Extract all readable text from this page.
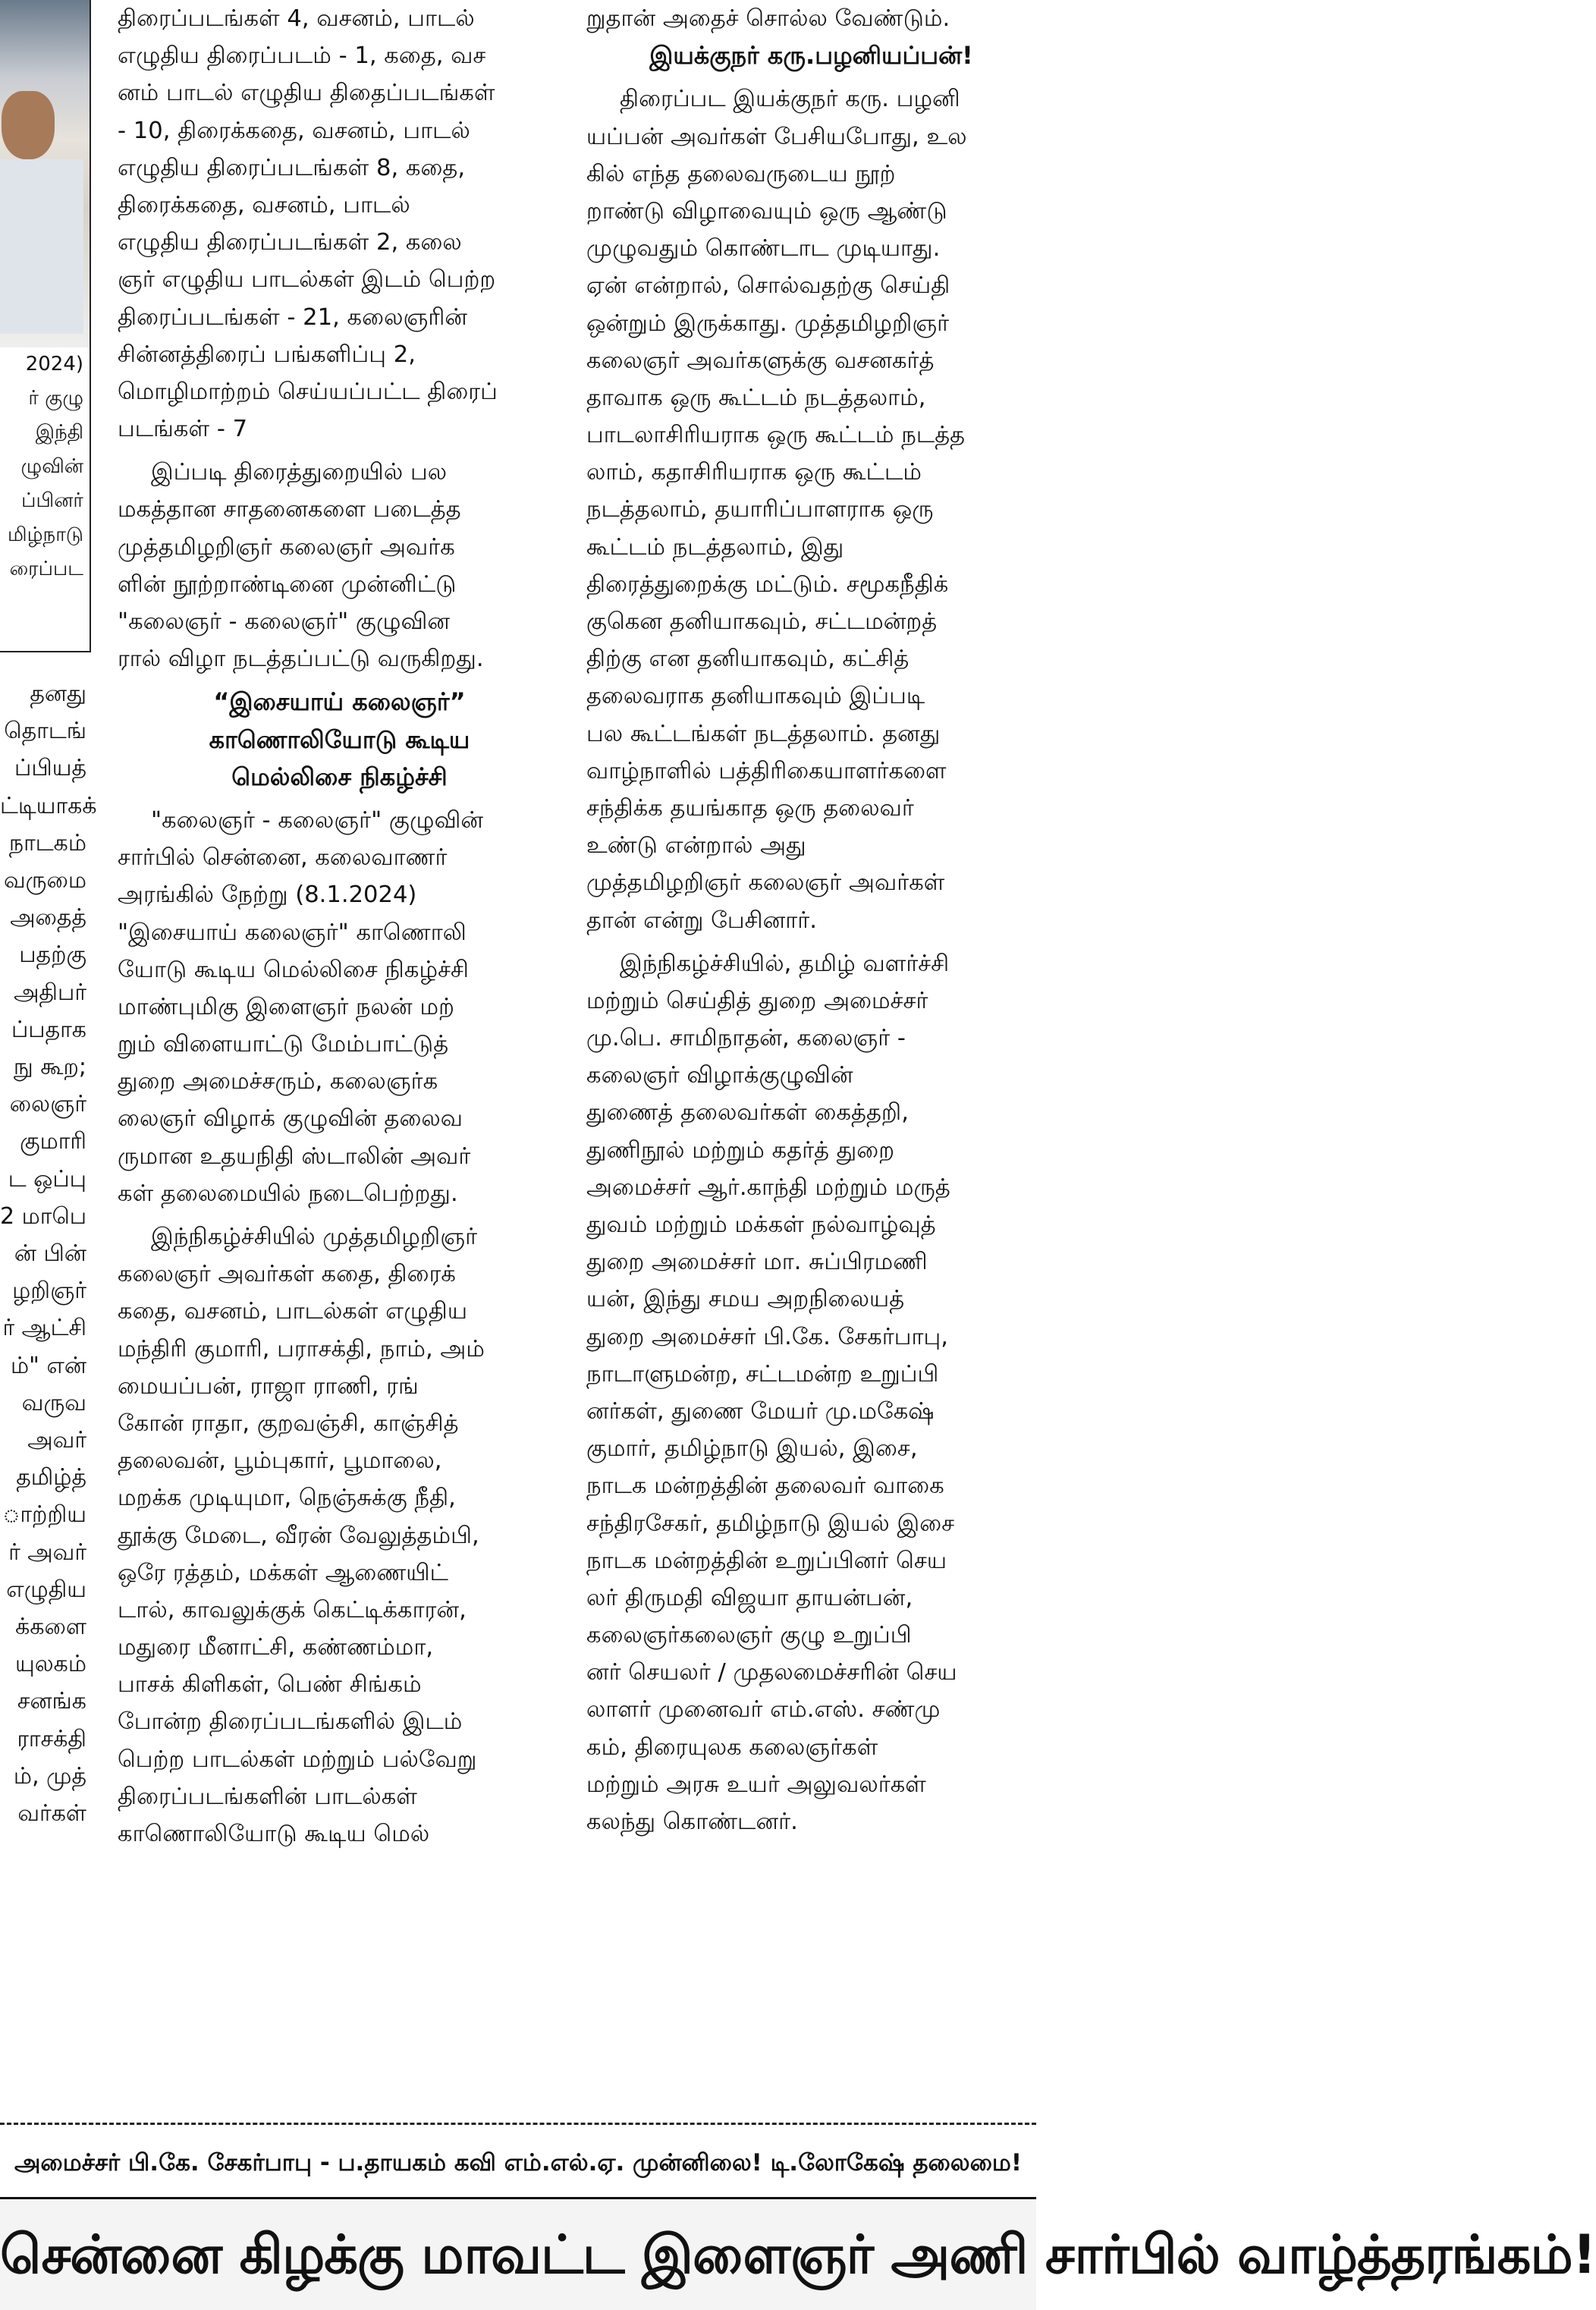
2024)
ர் குழு
இந்தி
ழுவின்
ப்பினர்
மிழ்நாடு
ரைப்பட
தனது
தொடங்
ப்பியத்
ட்டியாகக்
நாடகம்
வருமை
அதைத்
பதற்கு
அதிபர்
ப்பதாக
நு கூற;
லைஞர்
குமாரி
ட ஒப்பு
2 மாபெ
ன் பின்
ழறிஞர்
ர் ஆட்சி
ம்" என்
வருவ
அவர்
தமிழ்த்
ாற்றிய
ர் அவர்
எழுதிய
க்களை
யுலகம்
சனங்க
ராசக்தி
ம், முத்
வர்கள்
திரைப்படங்கள் 4, வசனம், பாடல்
எழுதிய திரைப்படம் - 1, கதை, வச
னம் பாடல் எழுதிய திதைப்படங்கள்
- 10, திரைக்கதை, வசனம், பாடல்
எழுதிய திரைப்படங்கள் 8, கதை,
திரைக்கதை, வசனம், பாடல்
எழுதிய திரைப்படங்கள் 2, கலை
ஞர் எழுதிய பாடல்கள் இடம் பெற்ற
திரைப்படங்கள் - 21, கலைஞரின்
சின்னத்திரைப் பங்களிப்பு 2,
மொழிமாற்றம் செய்யப்பட்ட திரைப்
படங்கள் - 7
இப்படி திரைத்துறையில் பல
மகத்தான சாதனைகளை படைத்த
முத்தமிழறிஞர் கலைஞர் அவர்க
ளின் நூற்றாண்டினை முன்னிட்டு
"கலைஞர் - கலைஞர்" குழுவின
ரால் விழா நடத்தப்பட்டு வருகிறது.
“இசையாய் கலைஞர்”
காணொலியோடு கூடிய
மெல்லிசை நிகழ்ச்சி
"கலைஞர் - கலைஞர்" குழுவின்
சார்பில் சென்னை, கலைவாணர்
அரங்கில் நேற்று (8.1.2024)
"இசையாய் கலைஞர்" காணொலி
யோடு கூடிய மெல்லிசை நிகழ்ச்சி
மாண்புமிகு இளைஞர் நலன் மற்
றும் விளையாட்டு மேம்பாட்டுத்
துறை அமைச்சரும், கலைஞர்க
லைஞர் விழாக் குழுவின் தலைவ
ருமான உதயநிதி ஸ்டாலின் அவர்
கள் தலைமையில் நடைபெற்றது.
இந்நிகழ்ச்சியில் முத்தமிழறிஞர்
கலைஞர் அவர்கள் கதை, திரைக்
கதை, வசனம், பாடல்கள் எழுதிய
மந்திரி குமாரி, பராசக்தி, நாம், அம்
மையப்பன், ராஜா ராணி, ரங்
கோன் ராதா, குறவஞ்சி, காஞ்சித்
தலைவன், பூம்புகார், பூமாலை,
மறக்க முடியுமா, நெஞ்சுக்கு நீதி,
தூக்கு மேடை, வீரன் வேலுத்தம்பி,
ஒரே ரத்தம், மக்கள் ஆணையிட்
டால், காவலுக்குக் கெட்டிக்காரன்,
மதுரை மீனாட்சி, கண்ணம்மா,
பாசக் கிளிகள், பெண் சிங்கம்
போன்ற திரைப்படங்களில் இடம்
பெற்ற பாடல்கள் மற்றும் பல்வேறு
திரைப்படங்களின் பாடல்கள்
காணொலியோடு கூடிய மெல்
றுதான் அதைச் சொல்ல வேண்டும்.
இயக்குநர் கரு.பழனியப்பன்!
திரைப்பட இயக்குநர் கரு. பழனி
யப்பன் அவர்கள் பேசியபோது, உல
கில் எந்த தலைவருடைய நூற்
றாண்டு விழாவையும் ஒரு ஆண்டு
முழுவதும் கொண்டாட முடியாது.
ஏன் என்றால், சொல்வதற்கு செய்தி
ஒன்றும் இருக்காது. முத்தமிழறிஞர்
கலைஞர் அவர்களுக்கு வசனகர்த்
தாவாக ஒரு கூட்டம் நடத்தலாம்,
பாடலாசிரியராக ஒரு கூட்டம் நடத்த
லாம், கதாசிரியராக ஒரு கூட்டம்
நடத்தலாம், தயாரிப்பாளராக ஒரு
கூட்டம் நடத்தலாம், இது
திரைத்துறைக்கு மட்டும். சமூகநீதிக்
குகென தனியாகவும், சட்டமன்றத்
திற்கு என தனியாகவும், கட்சித்
தலைவராக தனியாகவும் இப்படி
பல கூட்டங்கள் நடத்தலாம். தனது
வாழ்நாளில் பத்திரிகையாளர்களை
சந்திக்க தயங்காத ஒரு தலைவர்
உண்டு என்றால் அது
முத்தமிழறிஞர் கலைஞர் அவர்கள்
தான் என்று பேசினார்.
இந்நிகழ்ச்சியில், தமிழ் வளர்ச்சி
மற்றும் செய்தித் துறை அமைச்சர்
மு.பெ. சாமிநாதன், கலைஞர் -
கலைஞர் விழாக்குழுவின்
துணைத் தலைவர்கள் கைத்தறி,
துணிநூல் மற்றும் கதர்த் துறை
அமைச்சர் ஆர்.காந்தி மற்றும் மருத்
துவம் மற்றும் மக்கள் நல்வாழ்வுத்
துறை அமைச்சர் மா. சுப்பிரமணி
யன், இந்து சமய அறநிலையத்
துறை அமைச்சர் பி.கே. சேகர்பாபு,
நாடாளுமன்ற, சட்டமன்ற உறுப்பி
னர்கள், துணை மேயர் மு.மகேஷ்
குமார், தமிழ்நாடு இயல், இசை,
நாடக மன்றத்தின் தலைவர் வாகை
சந்திரசேகர், தமிழ்நாடு இயல் இசை
நாடக மன்றத்தின் உறுப்பினர் செய
லர் திருமதி விஜயா தாயன்பன்,
கலைஞர்கலைஞர் குழு உறுப்பி
னர் செயலர் / முதலமைச்சரின் செய
லாளர் முனைவர் எம்.எஸ். சண்மு
கம், திரையுலக கலைஞர்கள்
மற்றும் அரசு உயர் அலுவலர்கள்
கலந்து கொண்டனர்.
அமைச்சர் பி.கே. சேகர்பாபு - ப.தாயகம் கவி எம்.எல்.ஏ. முன்னிலை! டி.லோகேஷ் தலைமை!
சென்னை கிழக்கு மாவட்ட இளைஞர் அணி சார்பில் வாழ்த்தரங்கம்!
